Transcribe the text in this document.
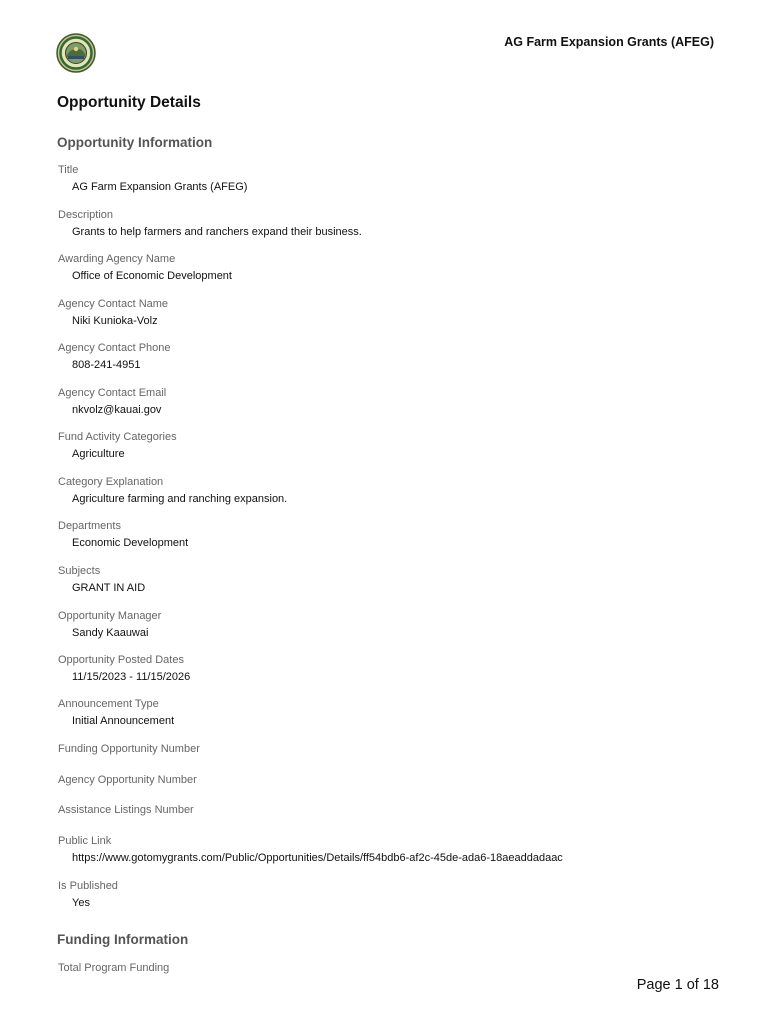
AG Farm Expansion Grants (AFEG)
Opportunity Details
Opportunity Information
Title
AG Farm Expansion Grants (AFEG)
Description
Grants to help farmers and ranchers expand their business.
Awarding Agency Name
Office of Economic Development
Agency Contact Name
Niki Kunioka-Volz
Agency Contact Phone
808-241-4951
Agency Contact Email
nkvolz@kauai.gov
Fund Activity Categories
Agriculture
Category Explanation
Agriculture farming and ranching expansion.
Departments
Economic Development
Subjects
GRANT IN AID
Opportunity Manager
Sandy Kaauwai
Opportunity Posted Dates
11/15/2023 - 11/15/2026
Announcement Type
Initial Announcement
Funding Opportunity Number
Agency Opportunity Number
Assistance Listings Number
Public Link
https://www.gotomygrants.com/Public/Opportunities/Details/ff54bdb6-af2c-45de-ada6-18aeaddadaac
Is Published
Yes
Funding Information
Total Program Funding
Page 1 of 18
